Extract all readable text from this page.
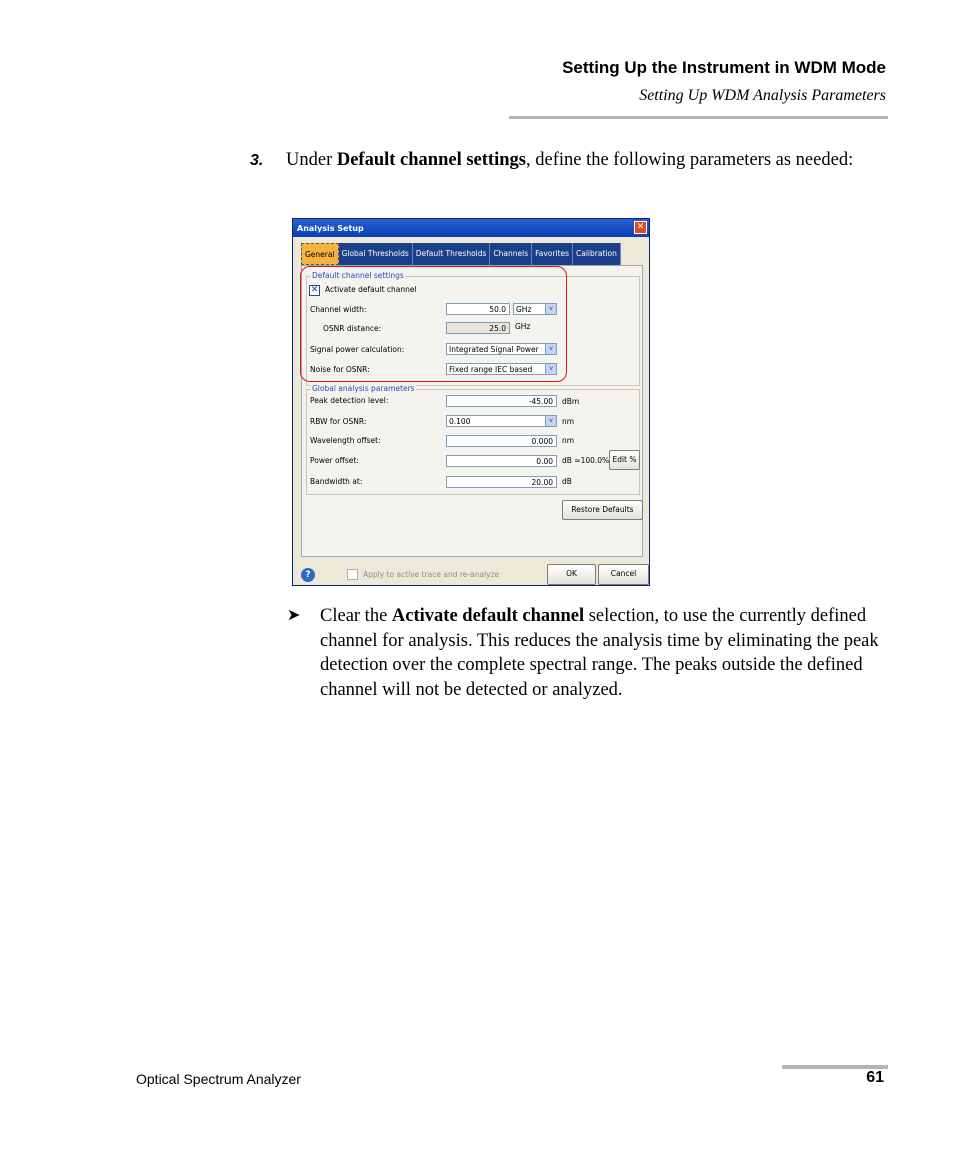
Setting Up the Instrument in WDM Mode
Setting Up WDM Analysis Parameters
3. Under Default channel settings, define the following parameters as needed:
Analysis Setup	✕
General Global Thresholds Default Thresholds Channels Favorites Calibration
Default channel settings
✕ Activate default channel
Channel width:	50.0	GHz	v
OSNR distance:	25.0	GHz
Signal power calculation:	Integrated Signal Power	v
Noise for OSNR:	Fixed range IEC based	v
Global analysis parameters
Peak detection level:	-45.00	dBm
RBW for OSNR:	0.100	v	nm
Wavelength offset:	0.000	nm
Power offset:	0.00	dB ≈100.0% Edit %
Bandwidth at:	20.00	dB
Restore Defaults
?	Apply to active trace and re-analyze	OK	Cancel
➤ Clear the Activate default channel selection, to use the currently defined channel for analysis. This reduces the analysis time by eliminating the peak detection over the complete spectral range. The peaks outside the defined channel will not be detected or analyzed.
Optical Spectrum Analyzer	61
